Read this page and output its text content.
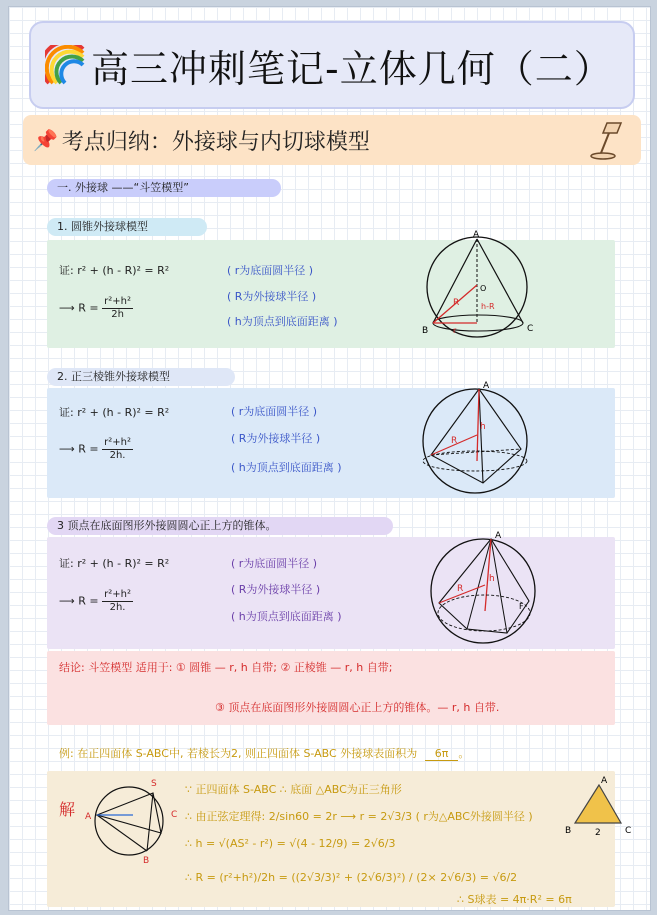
高三冲刺笔记-立体几何（二）
📌 考点归纳：外接球与内切球模型
一. 外接球 ——“斗笠模型”
1. 圆锥外接球模型
证: r² + (h - R)² = R²
⟶ $R = \frac{\text{r²+h²}}{2h}$
( r为底面圆半径 )
( R为外接球半径 )
( h为顶点到底面距离 )
A
B	C
O
R
r
h-R
2. 正三棱锥外接球模型
证: r² + (h - R)² = R²
⟶ $R = \frac{\text{r²+h²}}{2h.}$
( r为底面圆半径 )
( R为外接球半径 )
( h为顶点到底面距离 )
A
h
R
3 顶点在底面图形外接圆圆心正上方的锥体。
证: r² + (h - R)² = R²
⟶ $R = \frac{\text{r²+h²}}{2h.}$
( r为底面圆半径 )
( R为外接球半径 )
( h为顶点到底面距离 )
A
h
R
F
结论: 斗笠模型 适用于: ① 圆锥 — r, h 自带; ② 正棱锥 — r, h 自带;
③ 顶点在底面图形外接圆圆心正上方的锥体。— r, h 自带.
例: 在正四面体 S-ABC中, 若棱长为2, 则正四面体 S-ABC 外接球表面积为 6π 。
解
S
A
B
C
∵ 正四面体 S-ABC ∴ 底面 △ABC为正三角形
∴ 由正弦定理得: 2/sin60 = 2r ⟶ r = 2√3/3 ( r为△ABC外接圆半径 )
∴ h = √(AS² - r²) = √(4 - 12/9) = 2√6/3
∴ R = (r²+h²)/2h = ((2√3/3)² + (2√6/3)²) / (2× 2√6/3) = √6/2
∴ S球表 = 4π·R² = 6π
A
B	C
2
